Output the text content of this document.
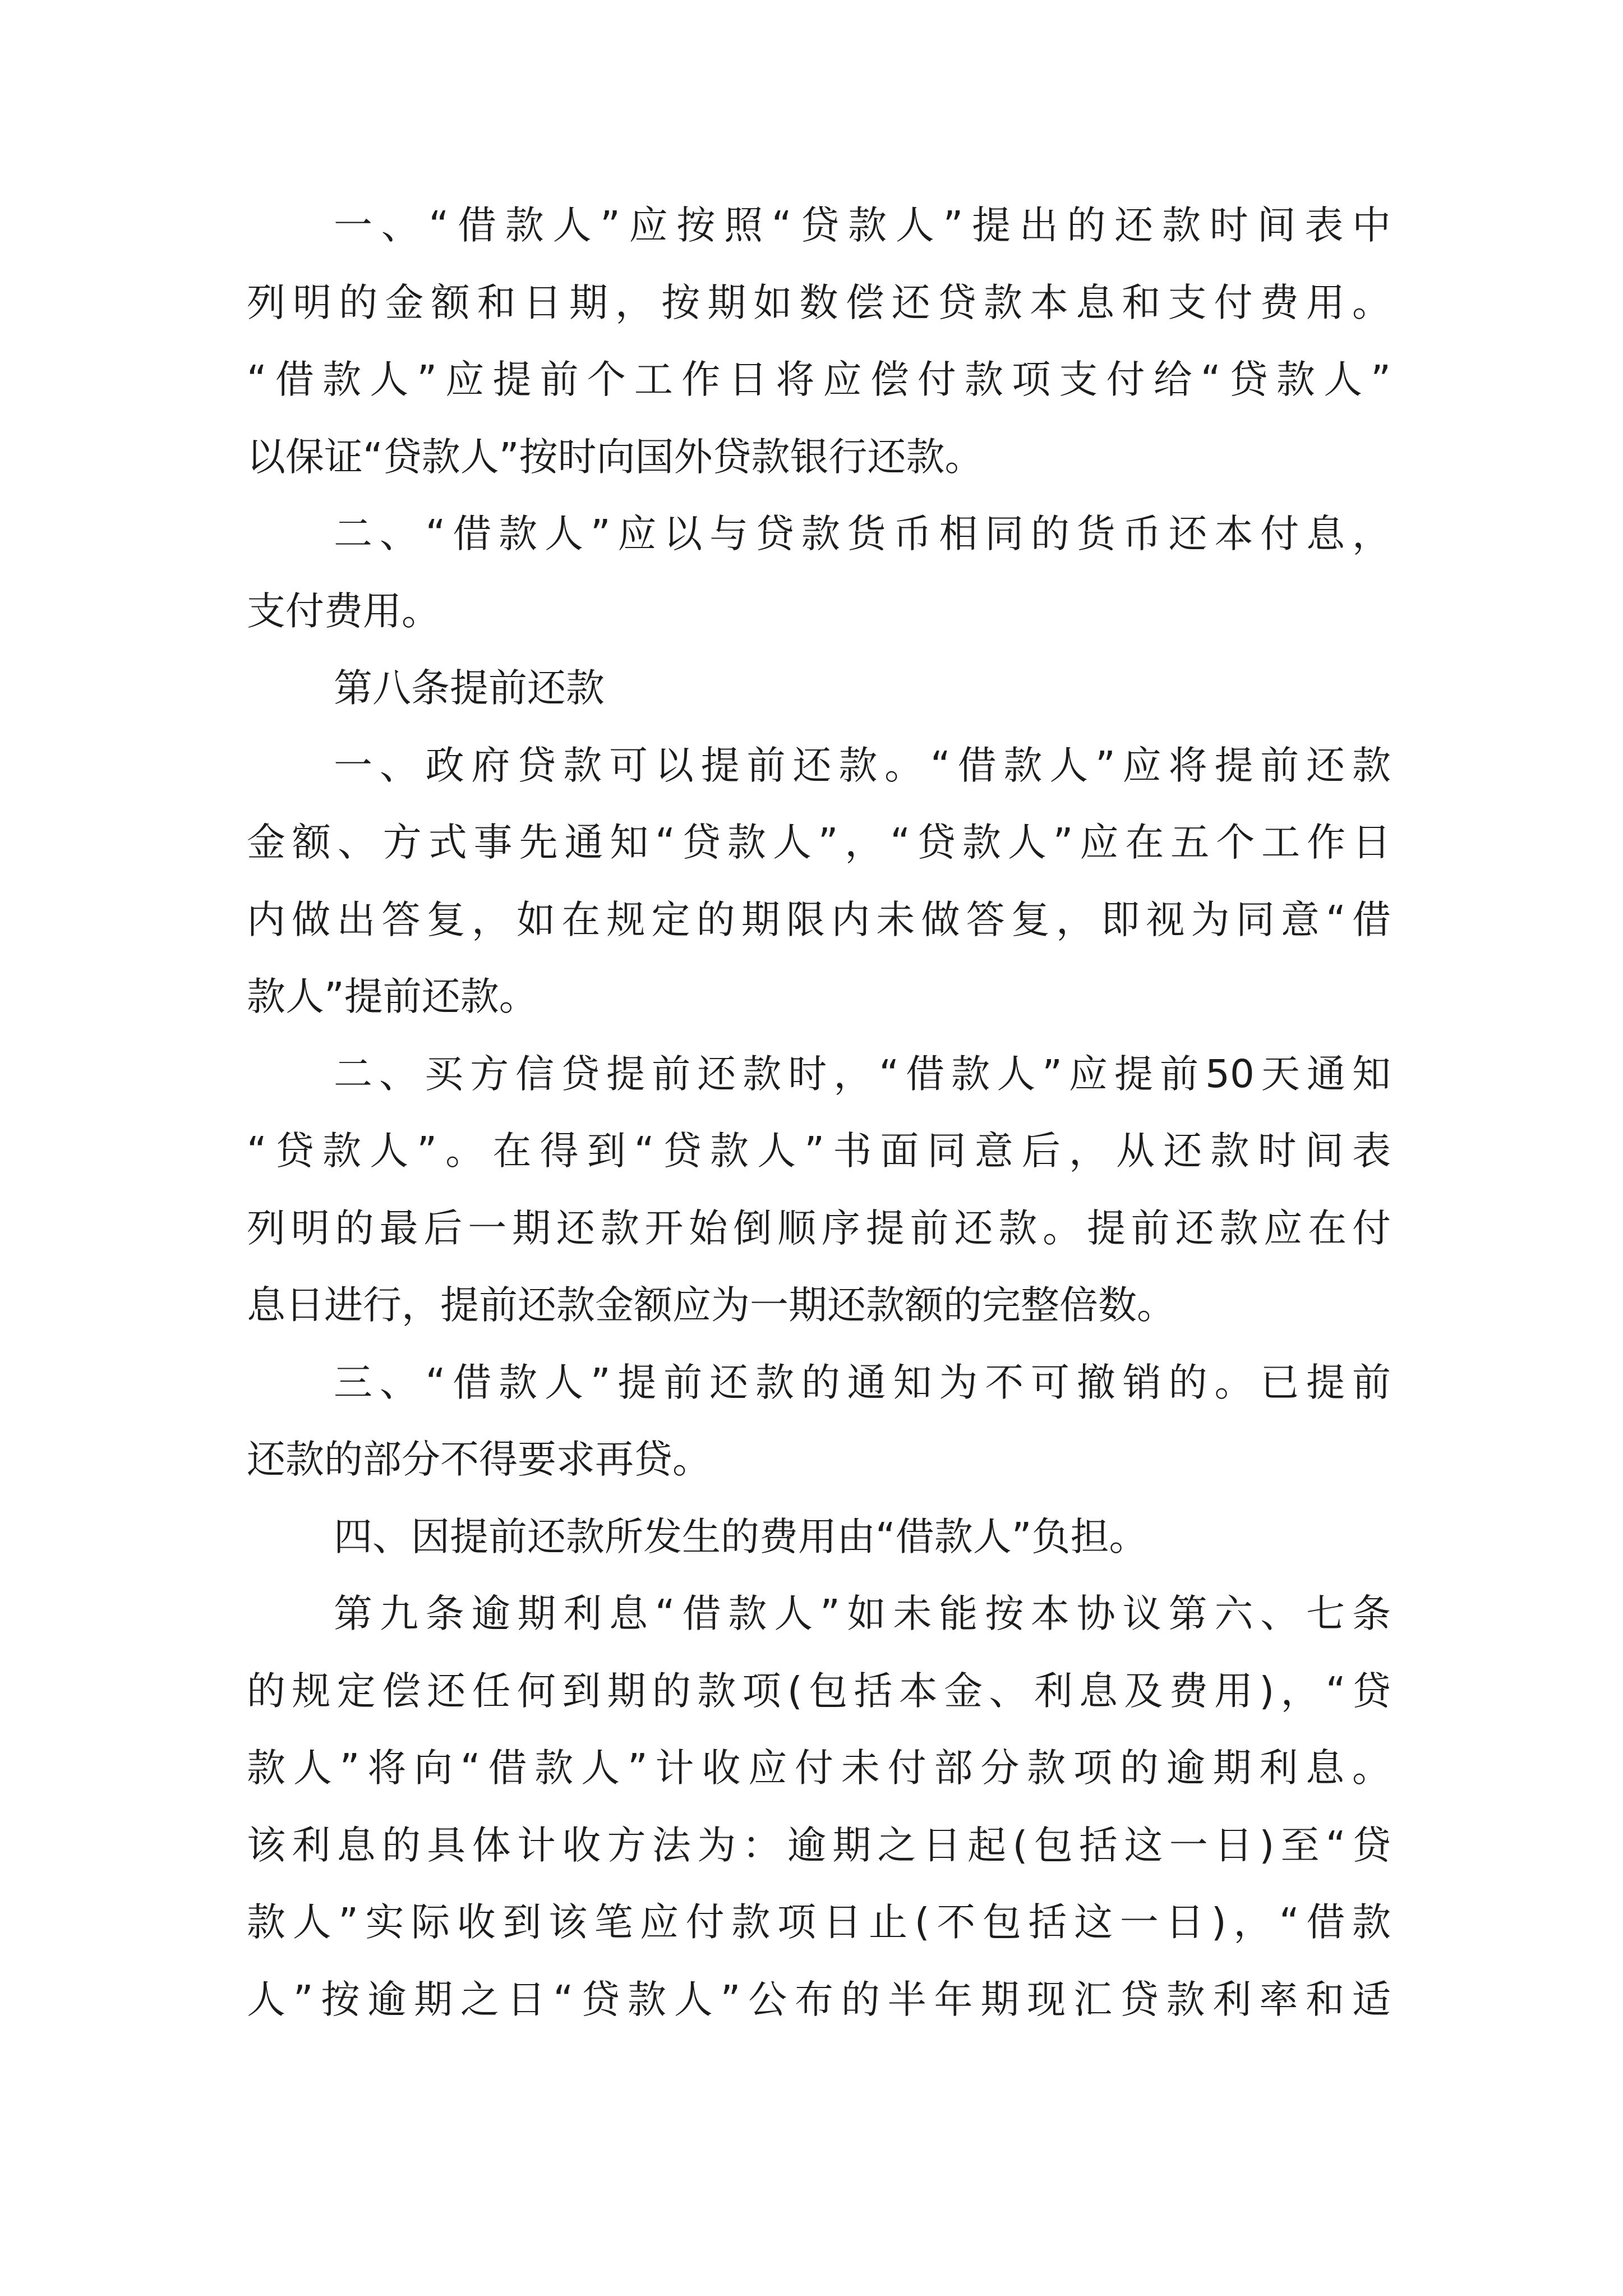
一、“借款人”应按照“贷款人”提出的还款时间表中
列明的金额和日期，按期如数偿还贷款本息和支付费用。
“借款人”应提前个工作日将应偿付款项支付给“贷款人”
以保证“贷款人”按时向国外贷款银行还款。
二、“借款人”应以与贷款货币相同的货币还本付息，
支付费用。
第八条提前还款
一、政府贷款可以提前还款。“借款人”应将提前还款
金额、方式事先通知“贷款人”，“贷款人”应在五个工作日
内做出答复，如在规定的期限内未做答复，即视为同意“借
款人”提前还款。
二、买方信贷提前还款时，“借款人”应提前50天通知
“贷款人”。在得到“贷款人”书面同意后，从还款时间表
列明的最后一期还款开始倒顺序提前还款。提前还款应在付
息日进行，提前还款金额应为一期还款额的完整倍数。
三、“借款人”提前还款的通知为不可撤销的。已提前
还款的部分不得要求再贷。
四、因提前还款所发生的费用由“借款人”负担。
第九条逾期利息“借款人”如未能按本协议第六、七条
的规定偿还任何到期的款项(包括本金、利息及费用)，“贷
款人”将向“借款人”计收应付未付部分款项的逾期利息。
该利息的具体计收方法为：逾期之日起(包括这一日)至“贷
款人”实际收到该笔应付款项日止(不包括这一日)，“借款
人”按逾期之日“贷款人”公布的半年期现汇贷款利率和适
